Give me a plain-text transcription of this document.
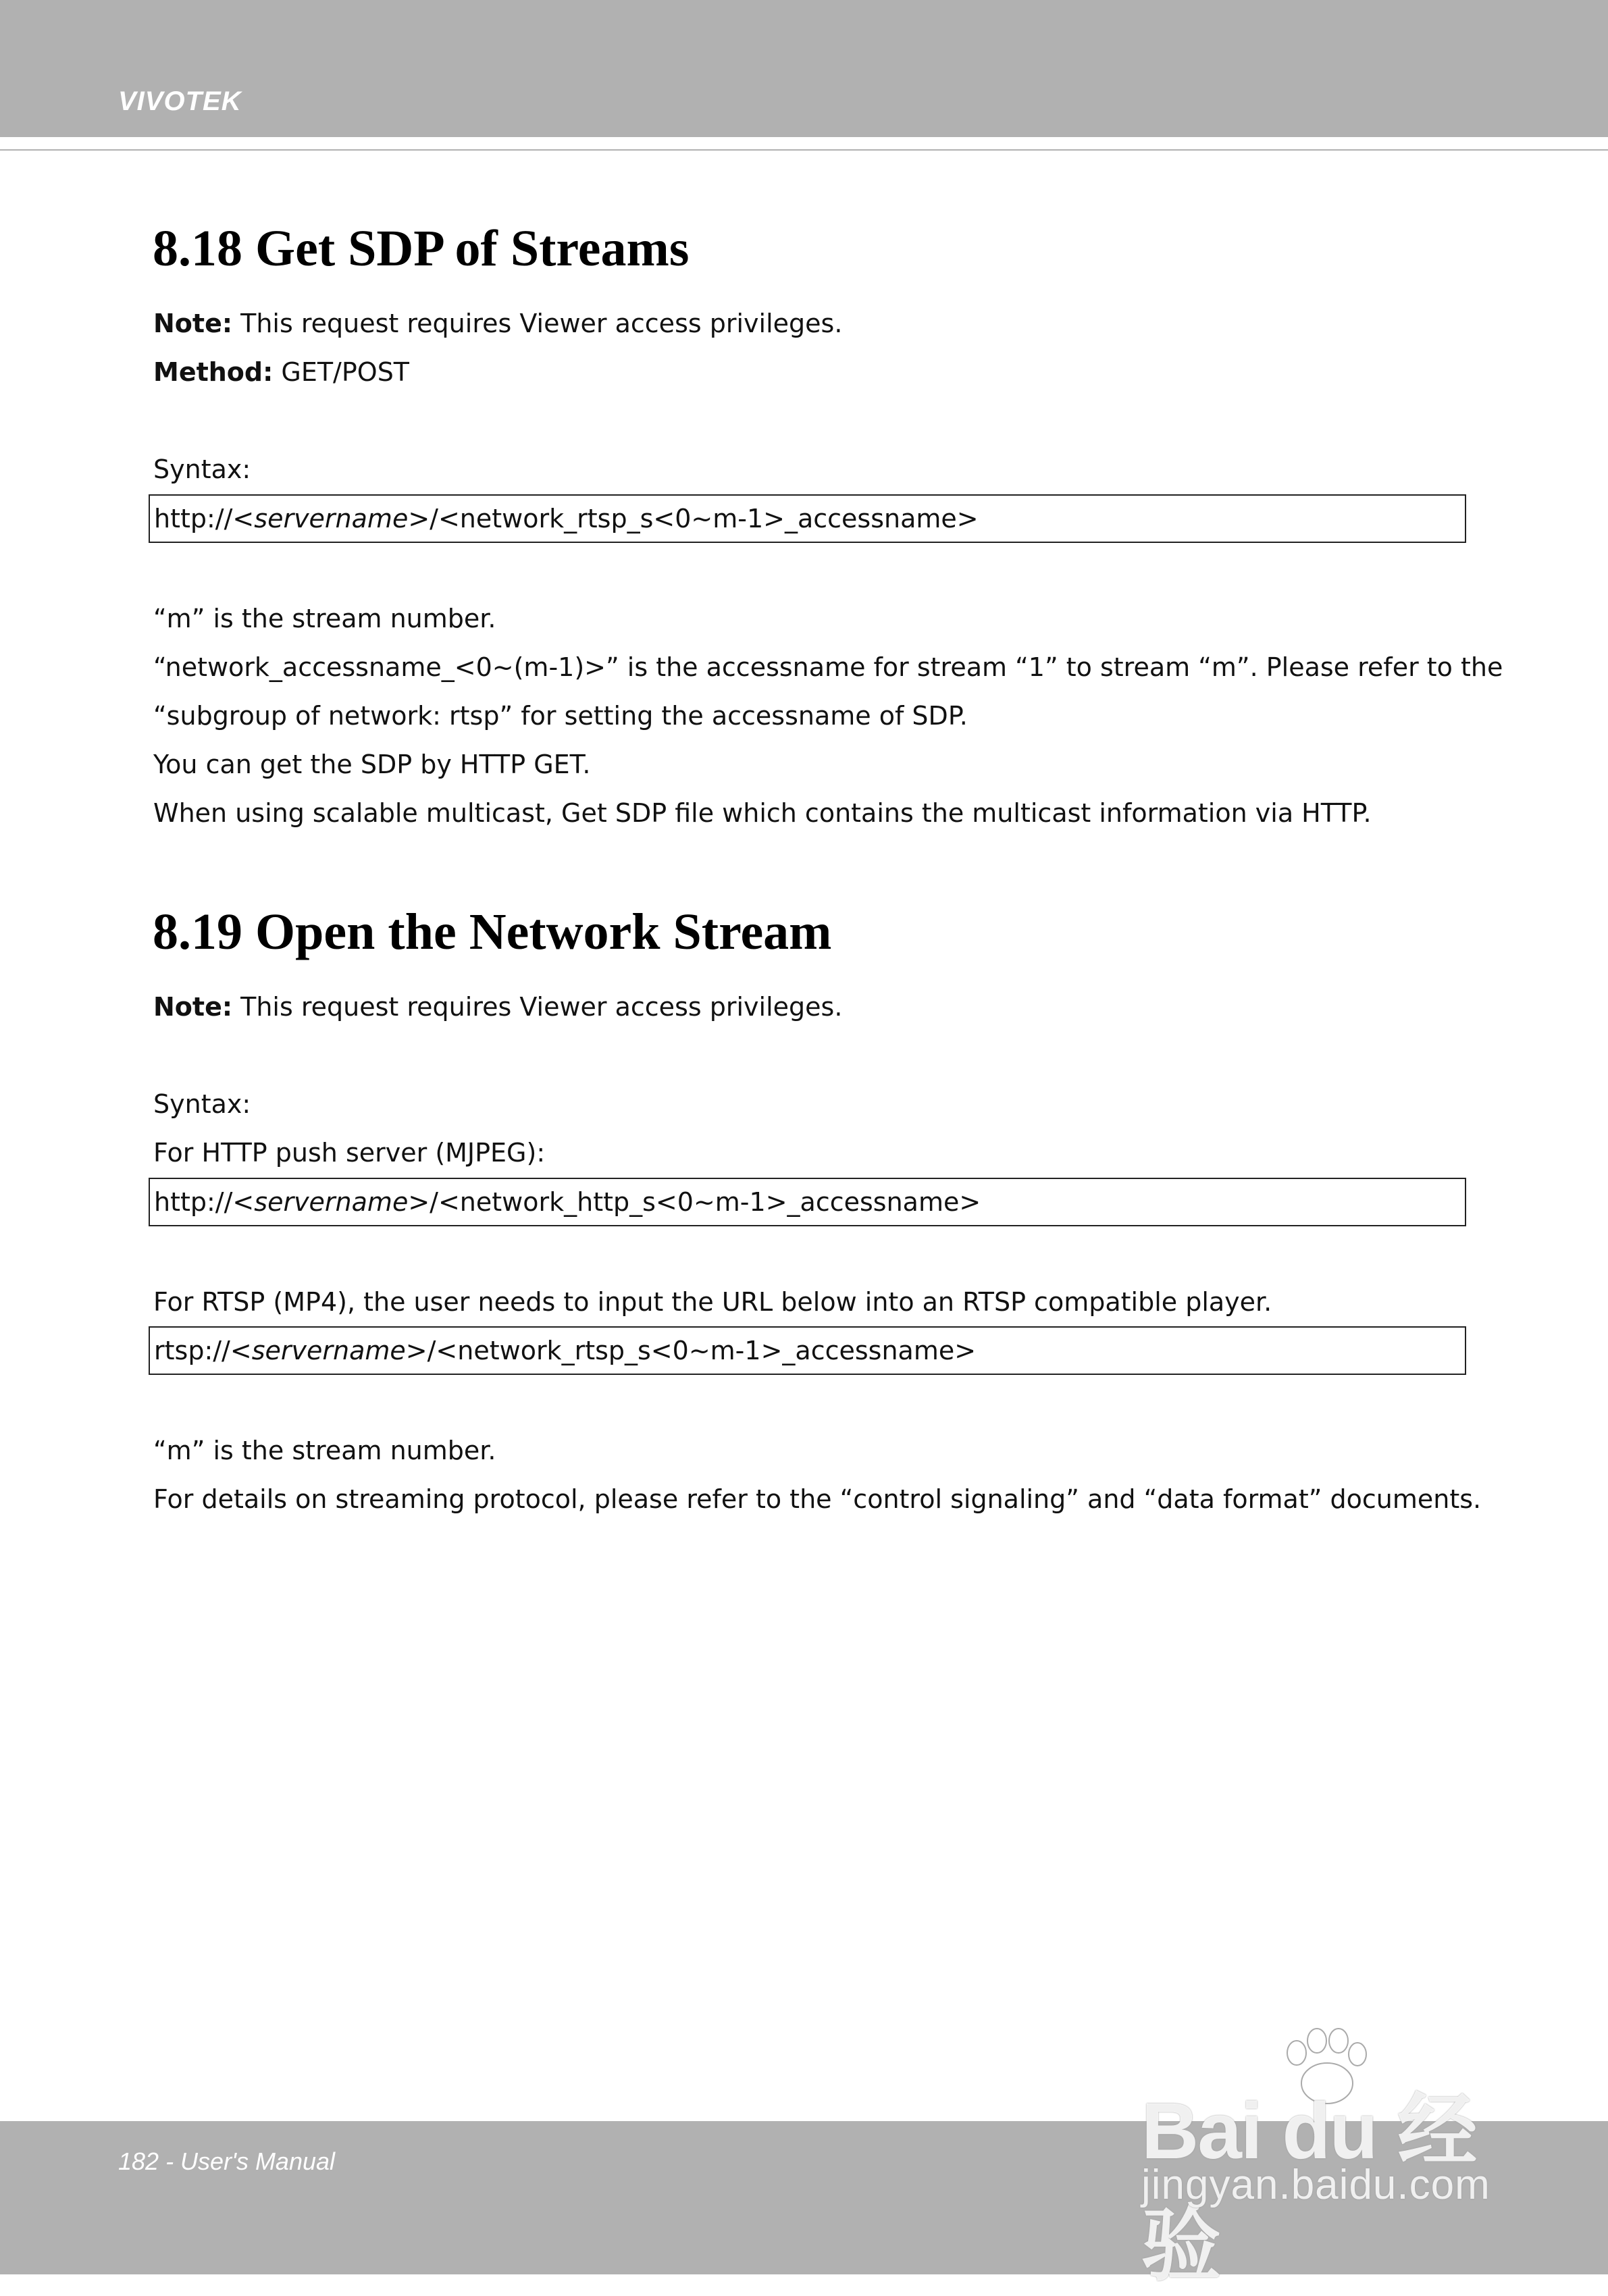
VIVOTEK
8.18 Get SDP of Streams

Note: This request requires Viewer access privileges.

Method: GET/POST

Syntax:

http://<servername>/<network_rtsp_s<0~m-1>_accessname>

“m” is the stream number.

“network_accessname_<0~(m-1)>” is the accessname for stream “1” to stream “m”. Please refer to the

“subgroup of network: rtsp” for setting the accessname of SDP.

You can get the SDP by HTTP GET.

When using scalable multicast, Get SDP file which contains the multicast information via HTTP.

8.19 Open the Network Stream

Note: This request requires Viewer access privileges.

Syntax:

For HTTP push server (MJPEG):

http://<servername>/<network_http_s<0~m-1>_accessname>

For RTSP (MP4), the user needs to input the URL below into an RTSP compatible player.

rtsp://<servername>/<network_rtsp_s<0~m-1>_accessname>

“m” is the stream number.

For details on streaming protocol, please refer to the “control signaling” and “data format” documents.

182 - User's Manual	Bai du 经验
jingyan.baidu.com
